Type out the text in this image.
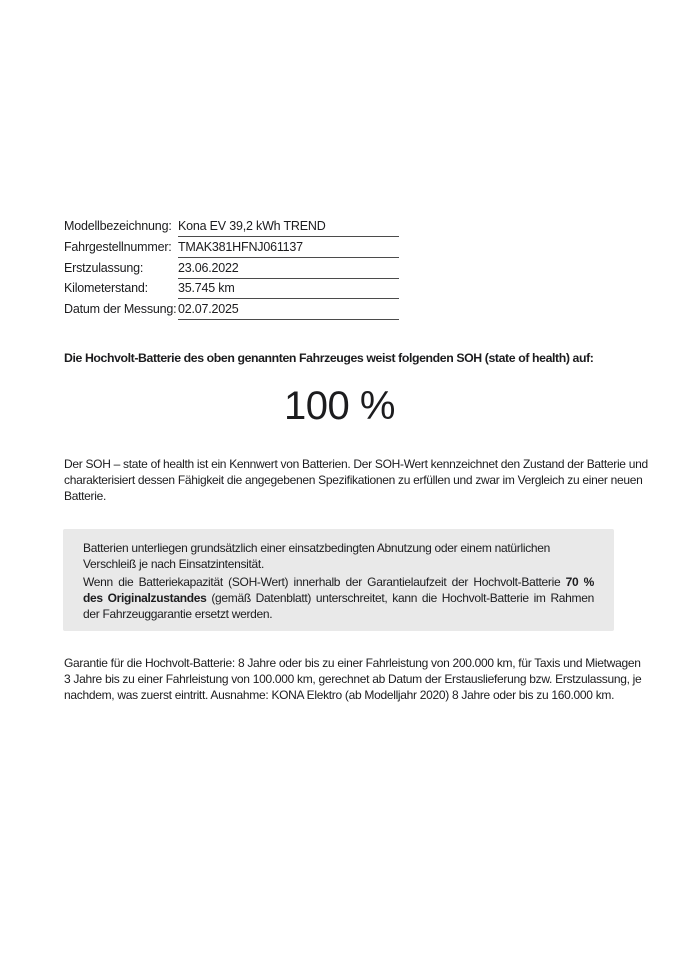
Modellbezeichnung: Kona EV 39,2 kWh TREND
Fahrgestellnummer: TMAK381HFNJ061137
Erstzulassung:	23.06.2022
Kilometerstand:	35.745 km
Datum der Messung: 02.07.2025
Die Hochvolt-Batterie des oben genannten Fahrzeuges weist folgenden SOH (state of health) auf:
100 %
Der SOH – state of health ist ein Kennwert von Batterien. Der SOH-Wert kennzeichnet den Zustand der Batterie und charakterisiert dessen Fähigkeit die angegebenen Spezifikationen zu erfüllen und zwar im Vergleich zu einer neuen Batterie.

Batterien unterliegen grundsätzlich einer einsatzbedingten Abnutzung oder einem natürlichen Verschleiß je nach Einsatzintensität.

Wenn die Batteriekapazität (SOH-Wert) innerhalb der Garantielaufzeit der Hochvolt-Batterie 70 % des Originalzustandes (gemäß Datenblatt) unterschreitet, kann die Hochvolt-Batterie im Rahmen der Fahrzeuggarantie ersetzt werden.

Garantie für die Hochvolt-Batterie: 8 Jahre oder bis zu einer Fahrleistung von 200.000 km, für Taxis und Mietwagen 3 Jahre bis zu einer Fahrleistung von 100.000 km, gerechnet ab Datum der Erstauslieferung bzw. Erstzulassung, je nachdem, was zuerst eintritt. Ausnahme: KONA Elektro (ab Modelljahr 2020) 8 Jahre oder bis zu 160.000 km.
